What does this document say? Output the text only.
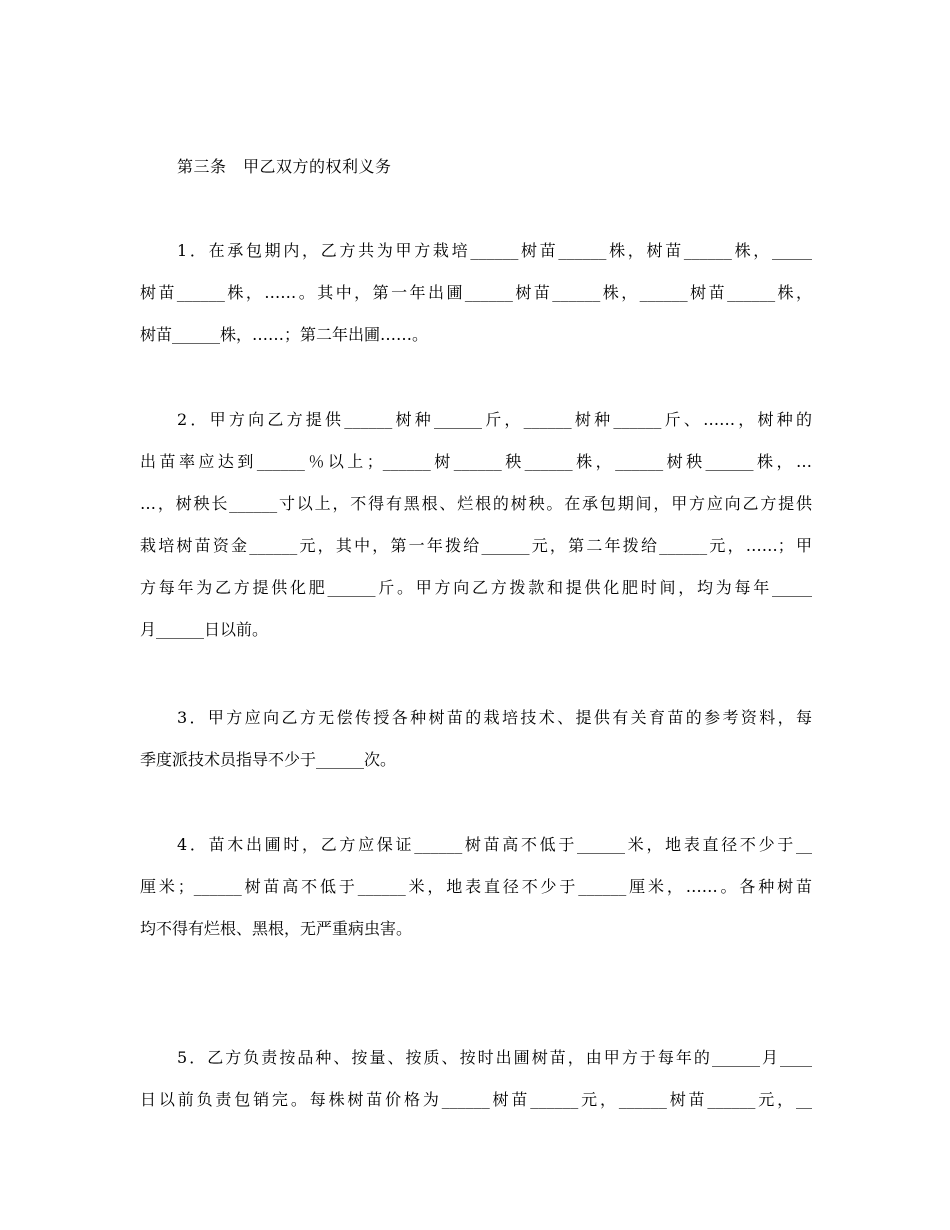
第三条　甲乙双方的权利义务
1．在承包期内，乙方共为甲方栽培______树苗______株，树苗______株，_____
树苗______株，……。其中，第一年出圃______树苗______株，______树苗______株，
树苗______株，……；第二年出圃……。
2．甲方向乙方提供______树种______斤，______树种______斤、……，树种的
出苗率应达到______％以上；______树______秧______株，______树秧______株，…
…，树秧长______寸以上，不得有黑根、烂根的树秧。在承包期间，甲方应向乙方提供
栽培树苗资金______元，其中，第一年拨给______元，第二年拨给______元，……；甲
方每年为乙方提供化肥______斤。甲方向乙方拨款和提供化肥时间，均为每年_____
月______日以前。
3．甲方应向乙方无偿传授各种树苗的栽培技术、提供有关育苗的参考资料，每
季度派技术员指导不少于______次。
4．苗木出圃时，乙方应保证______树苗高不低于______米，地表直径不少于__
厘米；______树苗高不低于______米，地表直径不少于______厘米，……。各种树苗
均不得有烂根、黑根，无严重病虫害。
5．乙方负责按品种、按量、按质、按时出圃树苗，由甲方于每年的______月____
日以前负责包销完。每株树苗价格为______树苗______元，______树苗______元，__
